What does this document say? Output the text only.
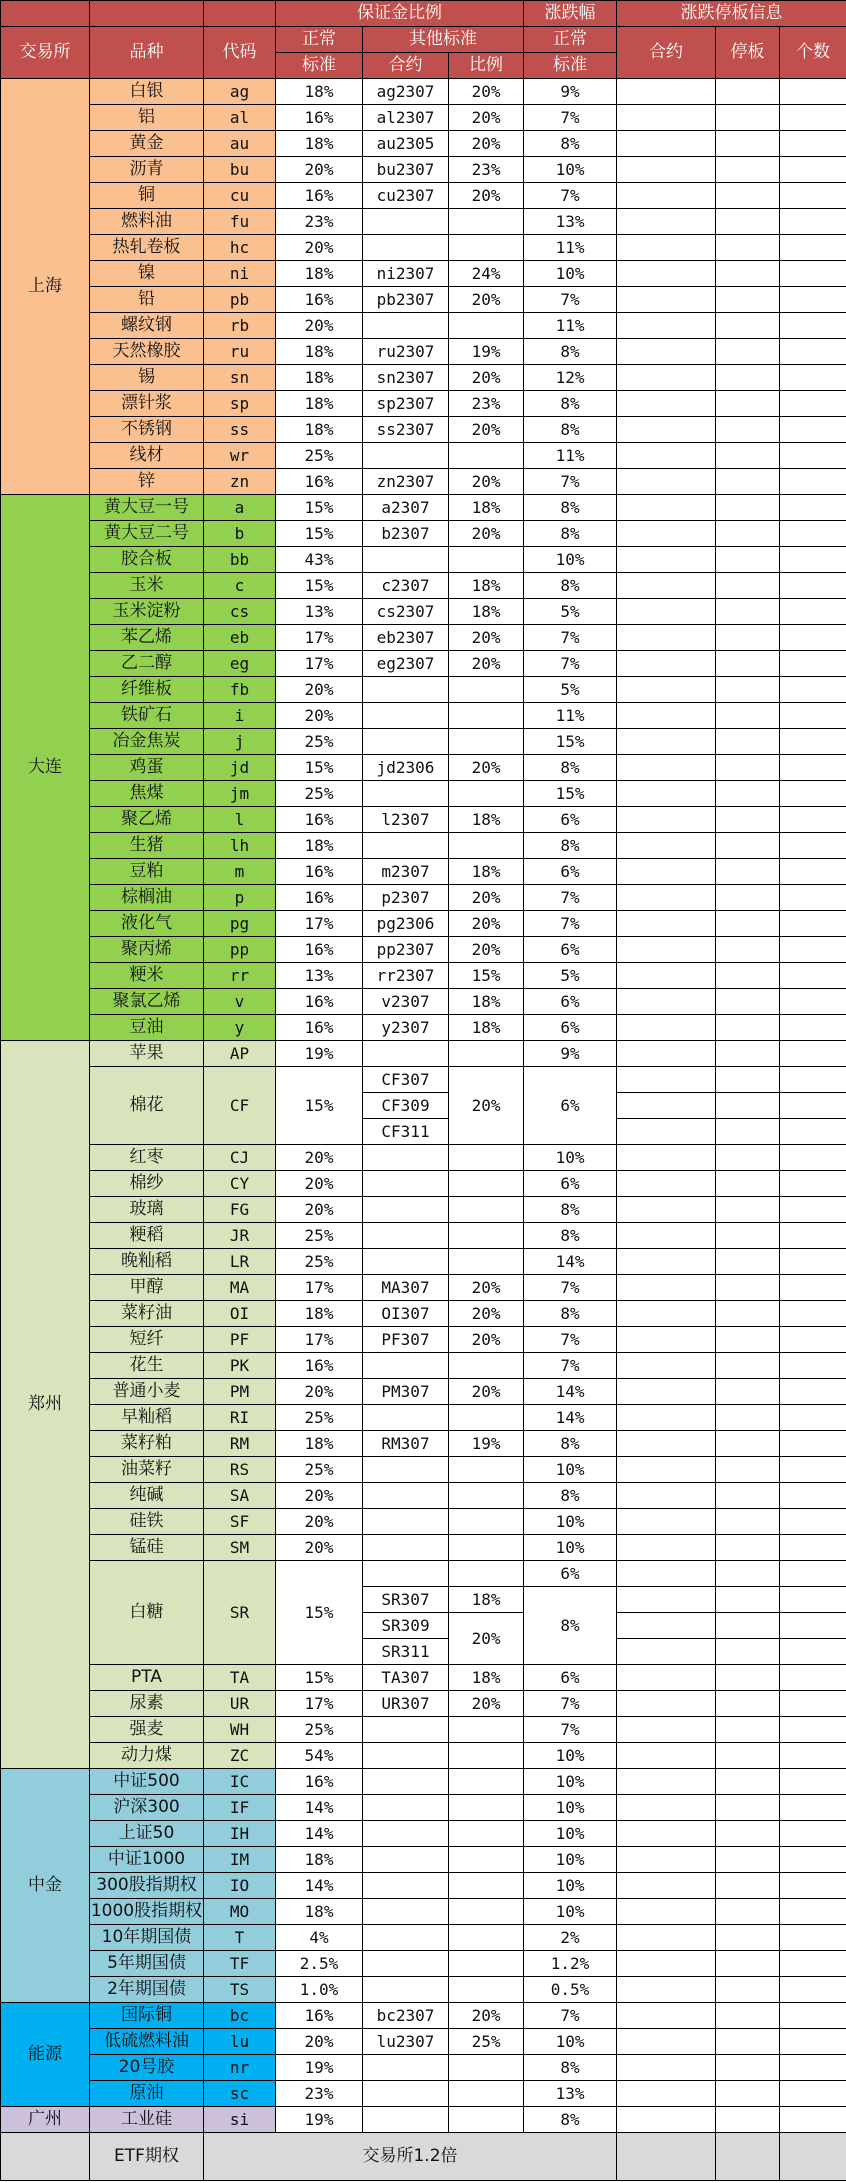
			保证金比例			涨跌幅	涨跌停板信息		
交易所	品种	代码	正常	其他标准		正常	合约	停板	个数
			标准	合约	比例	标准			
上海	白银	ag	18%	ag2307	20%	9%			
	铝	al	16%	al2307	20%	7%			
	黄金	au	18%	au2305	20%	8%			
	沥青	bu	20%	bu2307	23%	10%			
	铜	cu	16%	cu2307	20%	7%			
	燃料油	fu	23%			13%			
	热轧卷板	hc	20%			11%			
	镍	ni	18%	ni2307	24%	10%			
	铅	pb	16%	pb2307	20%	7%			
	螺纹钢	rb	20%			11%			
	天然橡胶	ru	18%	ru2307	19%	8%			
	锡	sn	18%	sn2307	20%	12%			
	漂针浆	sp	18%	sp2307	23%	8%			
	不锈钢	ss	18%	ss2307	20%	8%			
	线材	wr	25%			11%			
	锌	zn	16%	zn2307	20%	7%			
大连	黄大豆一号	a	15%	a2307	18%	8%			
	黄大豆二号	b	15%	b2307	20%	8%			
	胶合板	bb	43%			10%			
	玉米	c	15%	c2307	18%	8%			
	玉米淀粉	cs	13%	cs2307	18%	5%			
	苯乙烯	eb	17%	eb2307	20%	7%			
	乙二醇	eg	17%	eg2307	20%	7%			
	纤维板	fb	20%			5%			
	铁矿石	i	20%			11%			
	冶金焦炭	j	25%			15%			
	鸡蛋	jd	15%	jd2306	20%	8%			
	焦煤	jm	25%			15%			
	聚乙烯	l	16%	l2307	18%	6%			
	生猪	lh	18%			8%			
	豆粕	m	16%	m2307	18%	6%			
	棕榈油	p	16%	p2307	20%	7%			
	液化气	pg	17%	pg2306	20%	7%			
	聚丙烯	pp	16%	pp2307	20%	6%			
	粳米	rr	13%	rr2307	15%	5%			
	聚氯乙烯	v	16%	v2307	18%	6%			
	豆油	y	16%	y2307	18%	6%			
郑州	苹果	AP	19%			9%			
	棉花	CF	15%	CF307	20%	6%			
				CF309					
				CF311					
	红枣	CJ	20%			10%			
	棉纱	CY	20%			6%			
	玻璃	FG	20%			8%			
	粳稻	JR	25%			8%			
	晚籼稻	LR	25%			14%			
	甲醇	MA	17%	MA307	20%	7%			
	菜籽油	OI	18%	OI307	20%	8%			
	短纤	PF	17%	PF307	20%	7%			
	花生	PK	16%			7%			
	普通小麦	PM	20%	PM307	20%	14%			
	早籼稻	RI	25%			14%			
	菜籽粕	RM	18%	RM307	19%	8%			
	油菜籽	RS	25%			10%			
	纯碱	SA	20%			8%			
	硅铁	SF	20%			10%			
	锰硅	SM	20%			10%			
	白糖	SR	15%			6%			
				SR307	18%	8%			
				SR309	20%				
				SR311					
	PTA	TA	15%	TA307	18%	6%			
	尿素	UR	17%	UR307	20%	7%			
	强麦	WH	25%			7%			
	动力煤	ZC	54%			10%			
中金	中证500	IC	16%			10%			
	沪深300	IF	14%			10%			
	上证50	IH	14%			10%			
	中证1000	IM	18%			10%			
	300股指期权	IO	14%			10%			
	1000股指期权	MO	18%			10%			
	10年期国债	T	4%			2%			
	5年期国债	TF	2.5%			1.2%			
	2年期国债	TS	1.0%			0.5%			
能源	国际铜	bc	16%	bc2307	20%	7%			
	低硫燃料油	lu	20%	lu2307	25%	10%			
	20号胶	nr	19%			8%			
	原油	sc	23%			13%			
广州	工业硅	si	19%			8%			
	ETF期权	交易所1.2倍							
